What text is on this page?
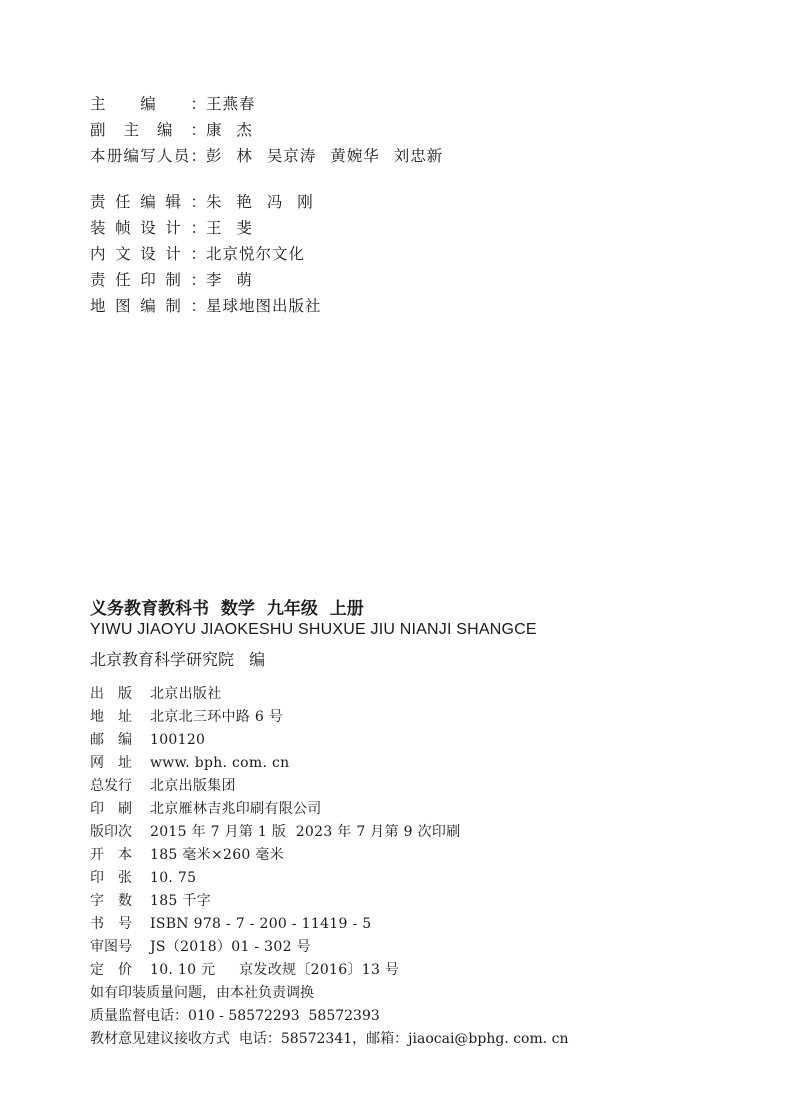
主编： 王燕春
副主编： 康 杰
本册编写人员： 彭 林 吴京涛 黄婉华 刘忠新
责任编辑： 朱 艳 冯 刚
装帧设计： 王 斐
内文设计： 北京悦尔文化
责任印制： 李 萌
地图编制： 星球地图出版社
义务教育教科书 数学 九年级 上册
YIWU JIAOYU JIAOKESHU SHUXUE JIU NIANJI SHANGCE
北京教育科学研究院 编
出版 北京出版社
地址 北京北三环中路 6 号
邮编 100120
网址 www. bph. com. cn
总发行 北京出版集团
印刷 北京雁林吉兆印刷有限公司
版印次 2015 年 7 月第 1 版  2023 年 7 月第 9 次印刷
开本 185 毫米×260 毫米
印张 10. 75
字数 185 千字
书号 ISBN 978 - 7 - 200 - 11419 - 5
审图号 JS（2018）01 - 302 号
定价 10. 10 元     京发改规〔2016〕13 号
如有印装质量问题，由本社负责调换
质量监督电话：010 - 58572293  58572393
教材意见建议接收方式  电话：58572341，邮箱：jiaocai@bphg. com. cn
